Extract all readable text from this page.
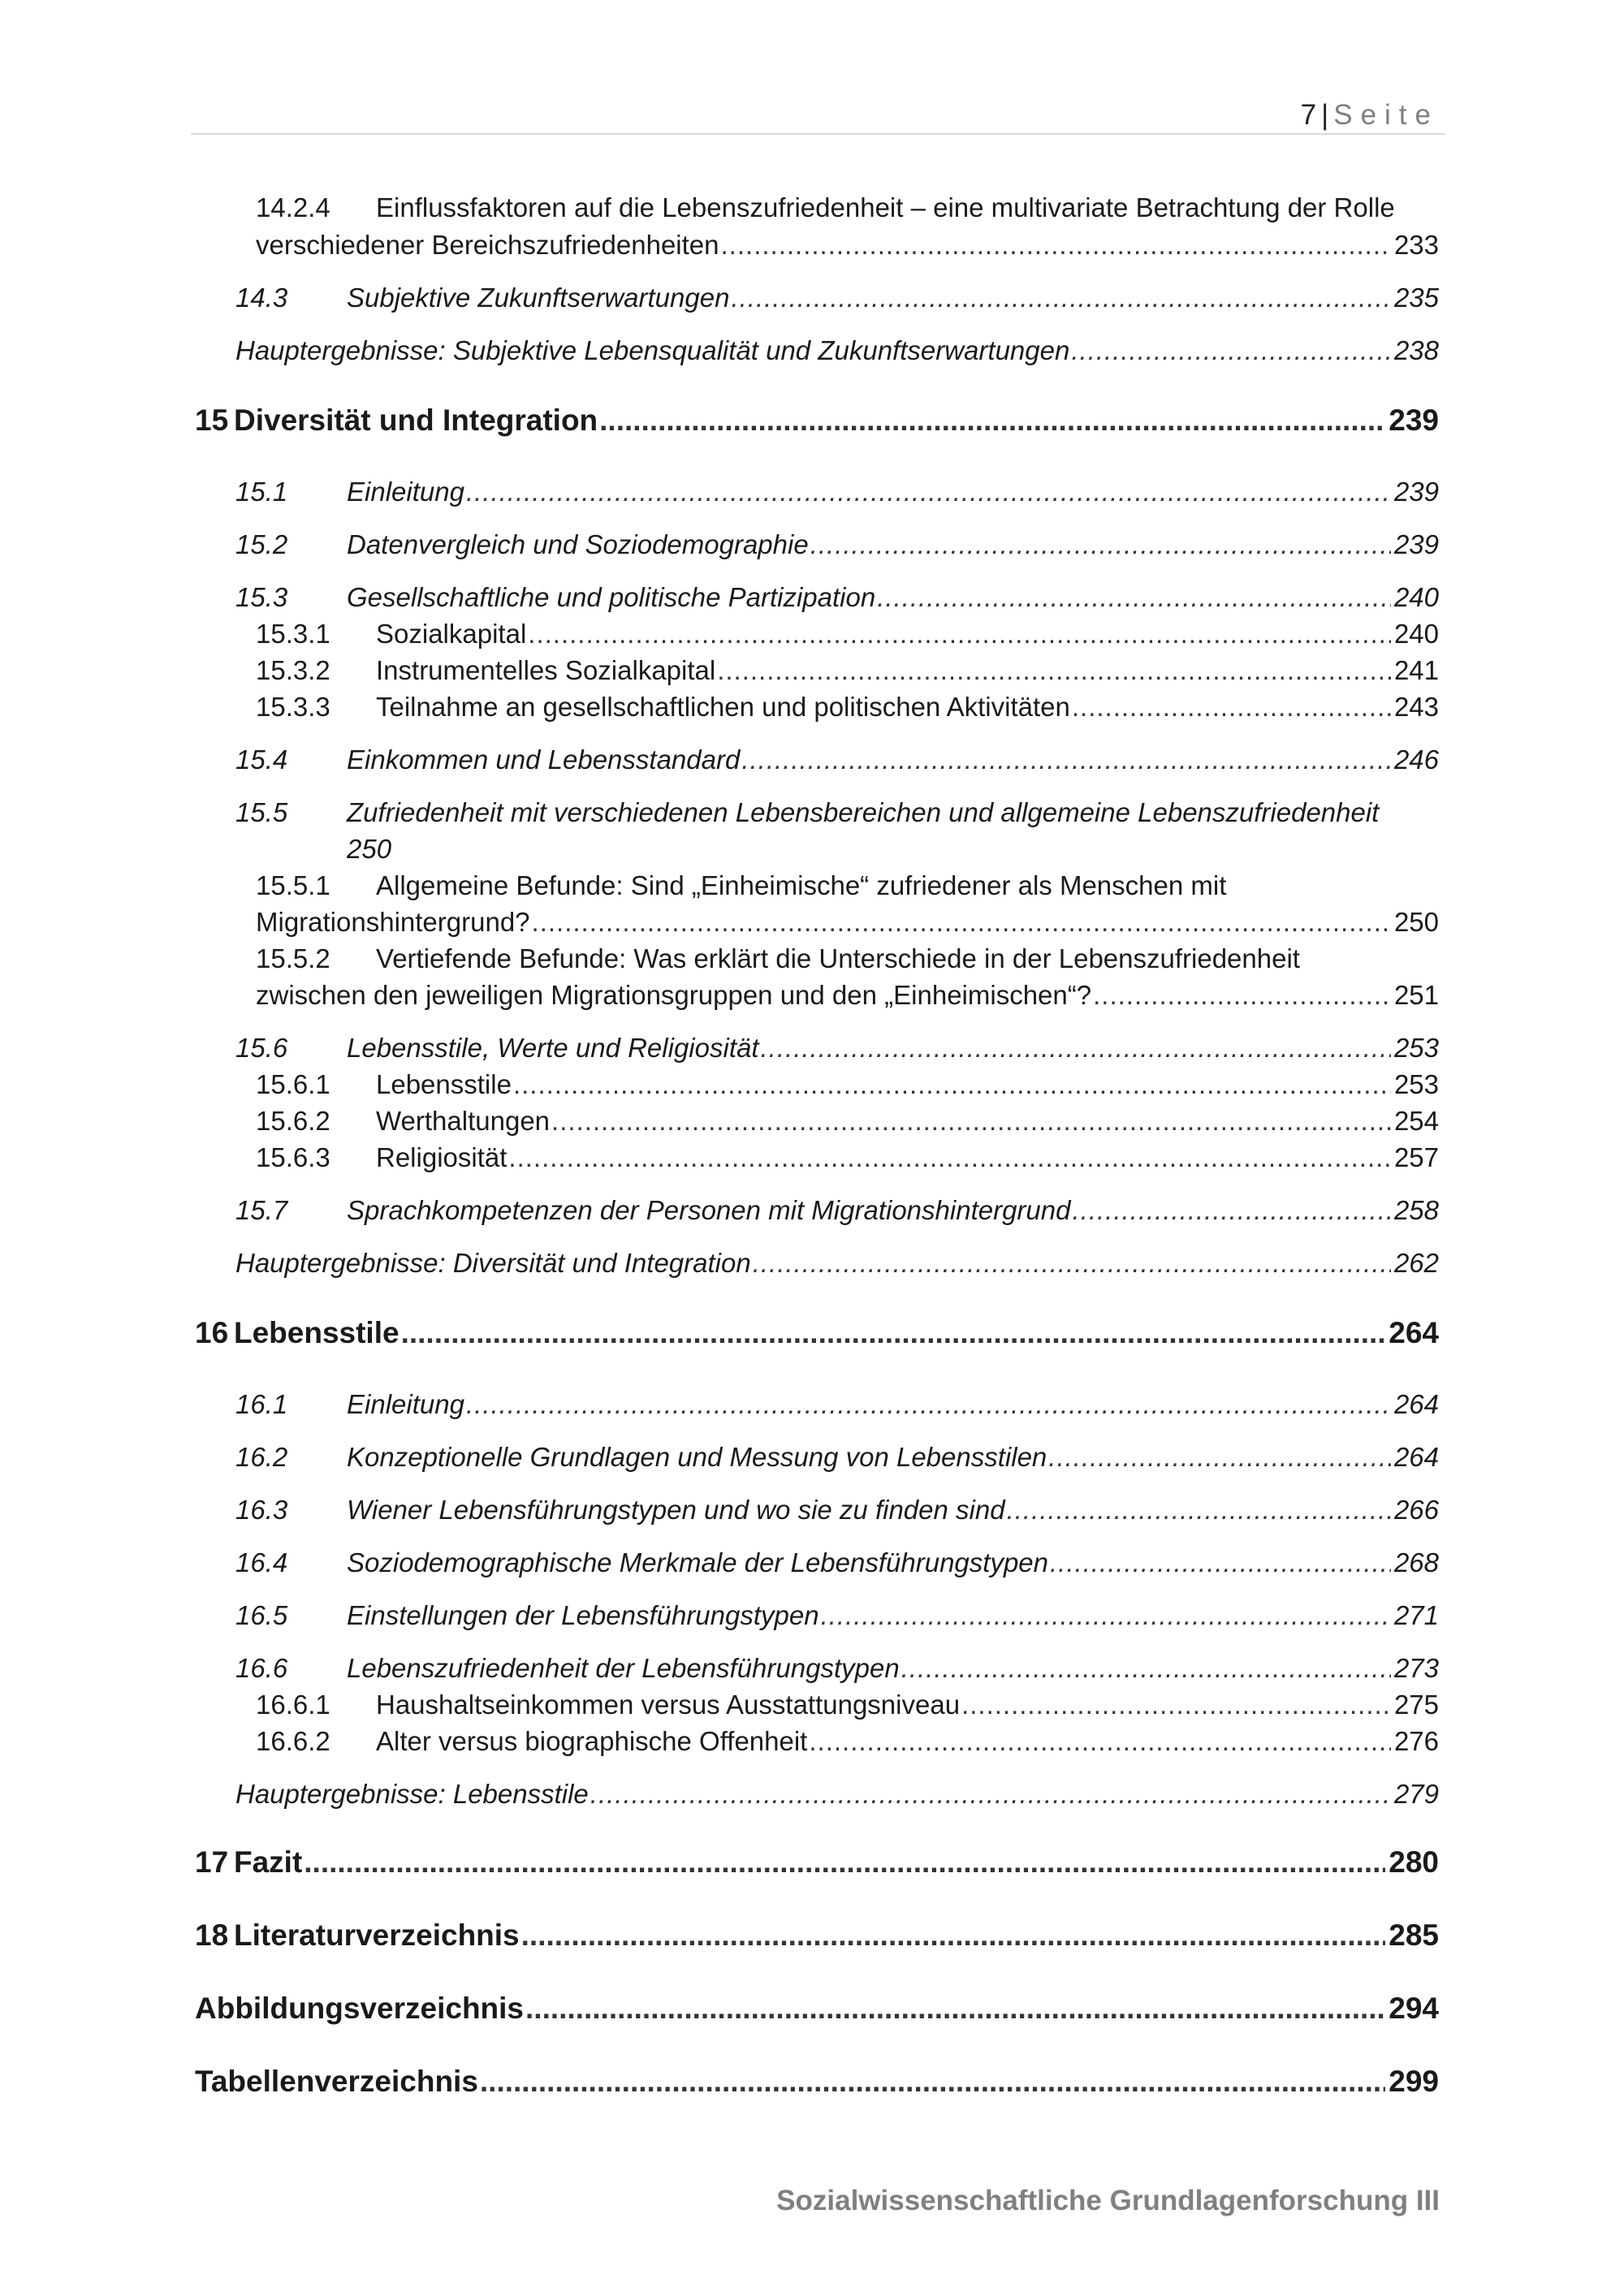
7 | Seite
14.2.4 Einflussfaktoren auf die Lebenszufriedenheit – eine multivariate Betrachtung der Rolle
verschiedener Bereichszufriedenheiten .....	233
14.3	Subjektive Zukunftserwartungen .....	235
Hauptergebnisse: Subjektive Lebensqualität und Zukunftserwartungen .....	238
15 Diversität und Integration .....	239
15.1	Einleitung .....	239
15.2	Datenvergleich und Soziodemographie .....	239
15.3	Gesellschaftliche und politische Partizipation .....	240
15.3.1	Sozialkapital .....	240
15.3.2	Instrumentelles Sozialkapital .....	241
15.3.3	Teilnahme an gesellschaftlichen und politischen Aktivitäten .....	243
15.4	Einkommen und Lebensstandard .....	246
15.5 Zufriedenheit mit verschiedenen Lebensbereichen und allgemeine Lebenszufriedenheit
250
15.5.1 Allgemeine Befunde: Sind „Einheimische“ zufriedener als Menschen mit
Migrationshintergrund? .....	250
15.5.2 Vertiefende Befunde: Was erklärt die Unterschiede in der Lebenszufriedenheit
zwischen den jeweiligen Migrationsgruppen und den „Einheimischen“? .....	251
15.6	Lebensstile, Werte und Religiosität .....	253
15.6.1	Lebensstile .....	253
15.6.2	Werthaltungen .....	254
15.6.3	Religiosität .....	257
15.7	Sprachkompetenzen der Personen mit Migrationshintergrund .....	258
Hauptergebnisse: Diversität und Integration .....	262
16 Lebensstile .....	264
16.1	Einleitung .....	264
16.2	Konzeptionelle Grundlagen und Messung von Lebensstilen .....	264
16.3	Wiener Lebensführungstypen und wo sie zu finden sind .....	266
16.4	Soziodemographische Merkmale der Lebensführungstypen .....	268
16.5	Einstellungen der Lebensführungstypen .....	271
16.6	Lebenszufriedenheit der Lebensführungstypen .....	273
16.6.1	Haushaltseinkommen versus Ausstattungsniveau .....	275
16.6.2	Alter versus biographische Offenheit .....	276
Hauptergebnisse: Lebensstile .....	279
17 Fazit .....	280
18 Literaturverzeichnis .....	285
Abbildungsverzeichnis .....	294
Tabellenverzeichnis .....	299
Sozialwissenschaftliche Grundlagenforschung III
